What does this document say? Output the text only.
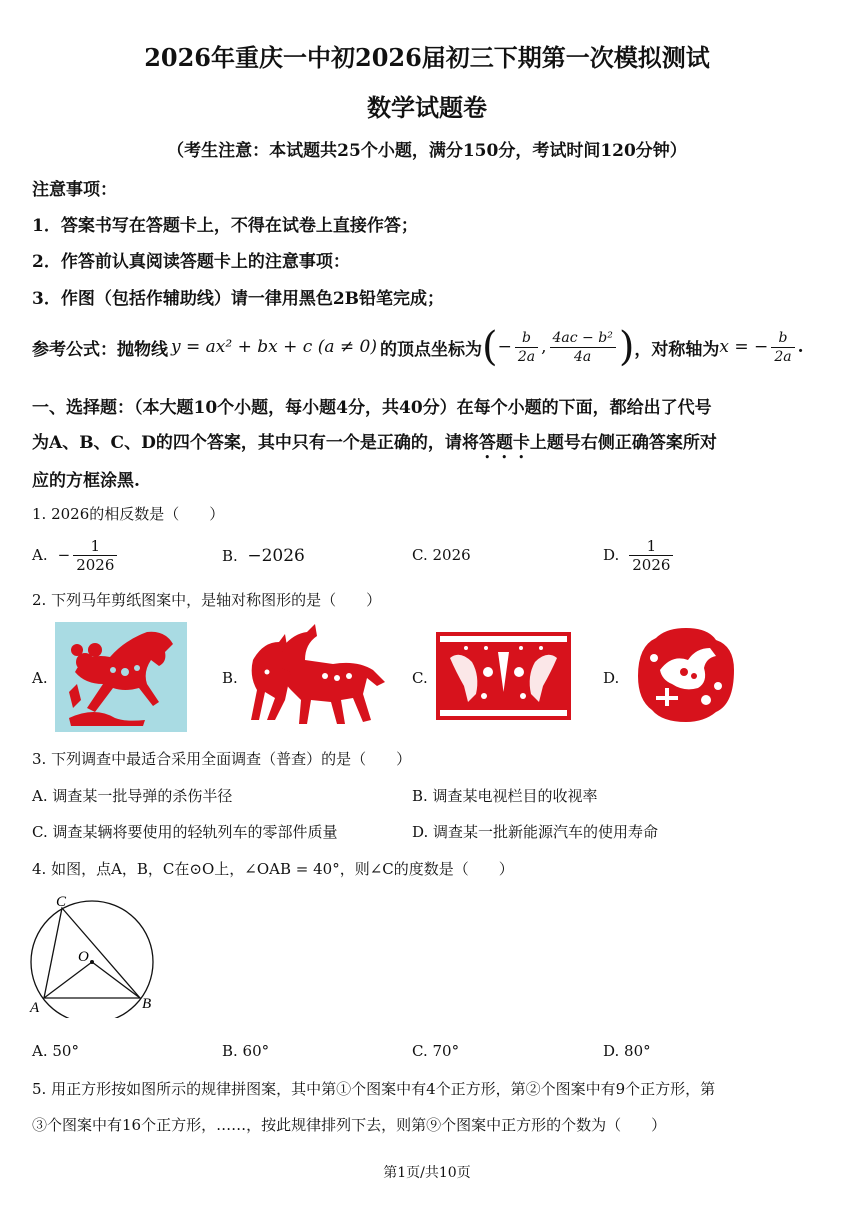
2026年重庆一中初2026届初三下期第一次模拟测试
数学试题卷
（考生注意：本试题共25个小题，满分150分，考试时间120分钟）
注意事项：
1．答案书写在答题卡上，不得在试卷上直接作答；
2．作答前认真阅读答题卡上的注意事项：
3．作图（包括作辅助线）请一律用黑色2B铅笔完成；
参考公式：抛物线 y = ax² + bx + c (a ≠ 0) 的顶点坐标为 ( − $\frac{b}{2a}$ , $\frac{\text{4ac − b²}}{4a}$ ) ，对称轴为 x = − $\frac{b}{2a}$ .
一、选择题：（本大题10个小题，每小题4分，共40分）在每个小题的下面，都给出了代号
为A、B、C、D的四个答案，其中只有一个是正确的，请将答题卡上题号右侧正确答案所对
应的方框涂黑.
1. 2026的相反数是（　　）
A. − $\frac{1}{2026}$	B. −2026	C. 2026	D. $\frac{1}{2026}$
2. 下列马年剪纸图案中，是轴对称图形的是（　　）
A.	B.	C.	D.
3. 下列调查中最适合采用全面调查（普查）的是（　　）
A. 调查某一批导弹的杀伤半径	B. 调查某电视栏目的收视率
C. 调查某辆将要使用的轻轨列车的零部件质量	D. 调查某一批新能源汽车的使用寿命
4. 如图，点A，B，C在⊙O上，∠OAB = 40°，则∠C的度数是（　　）
C
O
A	B
A. 50°	B. 60°	C. 70°	D. 80°
5. 用正方形按如图所示的规律拼图案，其中第①个图案中有4个正方形，第②个图案中有9个正方形，第
③个图案中有16个正方形，……，按此规律排列下去，则第⑨个图案中正方形的个数为（　　）
第1页/共10页
